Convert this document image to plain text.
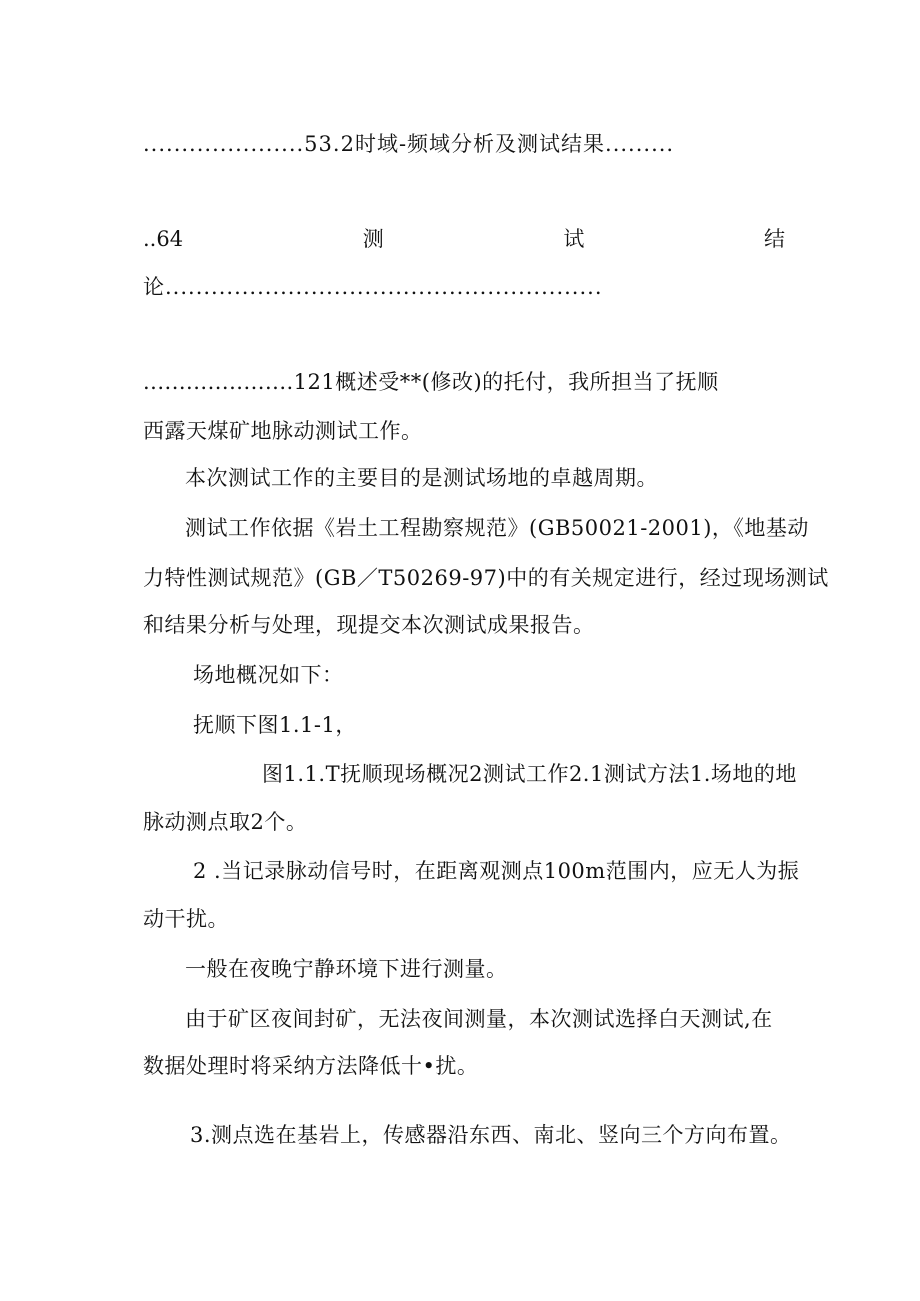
.....................53.2时域-频域分析及测试结果.........
..64	测	试	结
论.........................................................
.....................121概述受**(修改)的托付，我所担当了抚顺
西露天煤矿地脉动测试工作。
本次测试工作的主要目的是测试场地的卓越周期。
测试工作依据《岩土工程勘察规范》(GB50021-2001)，《地基动
力特性测试规范》(GB／T50269-97)中的有关规定进行，经过现场测试
和结果分析与处理，现提交本次测试成果报告。
场地概况如下：
抚顺下图1.1-1，
图1.1.T抚顺现场概况2测试工作2.1测试方法1.场地的地
脉动测点取2个。
2 .当记录脉动信号时，在距离观测点100m范围内，应无人为振
动干扰。
一般在夜晚宁静环境下进行测量。
由于矿区夜间封矿，无法夜间测量，本次测试选择白天测试,在
数据处理时将采纳方法降低十•扰。
3.测点选在基岩上，传感器沿东西、南北、竖向三个方向布置。
